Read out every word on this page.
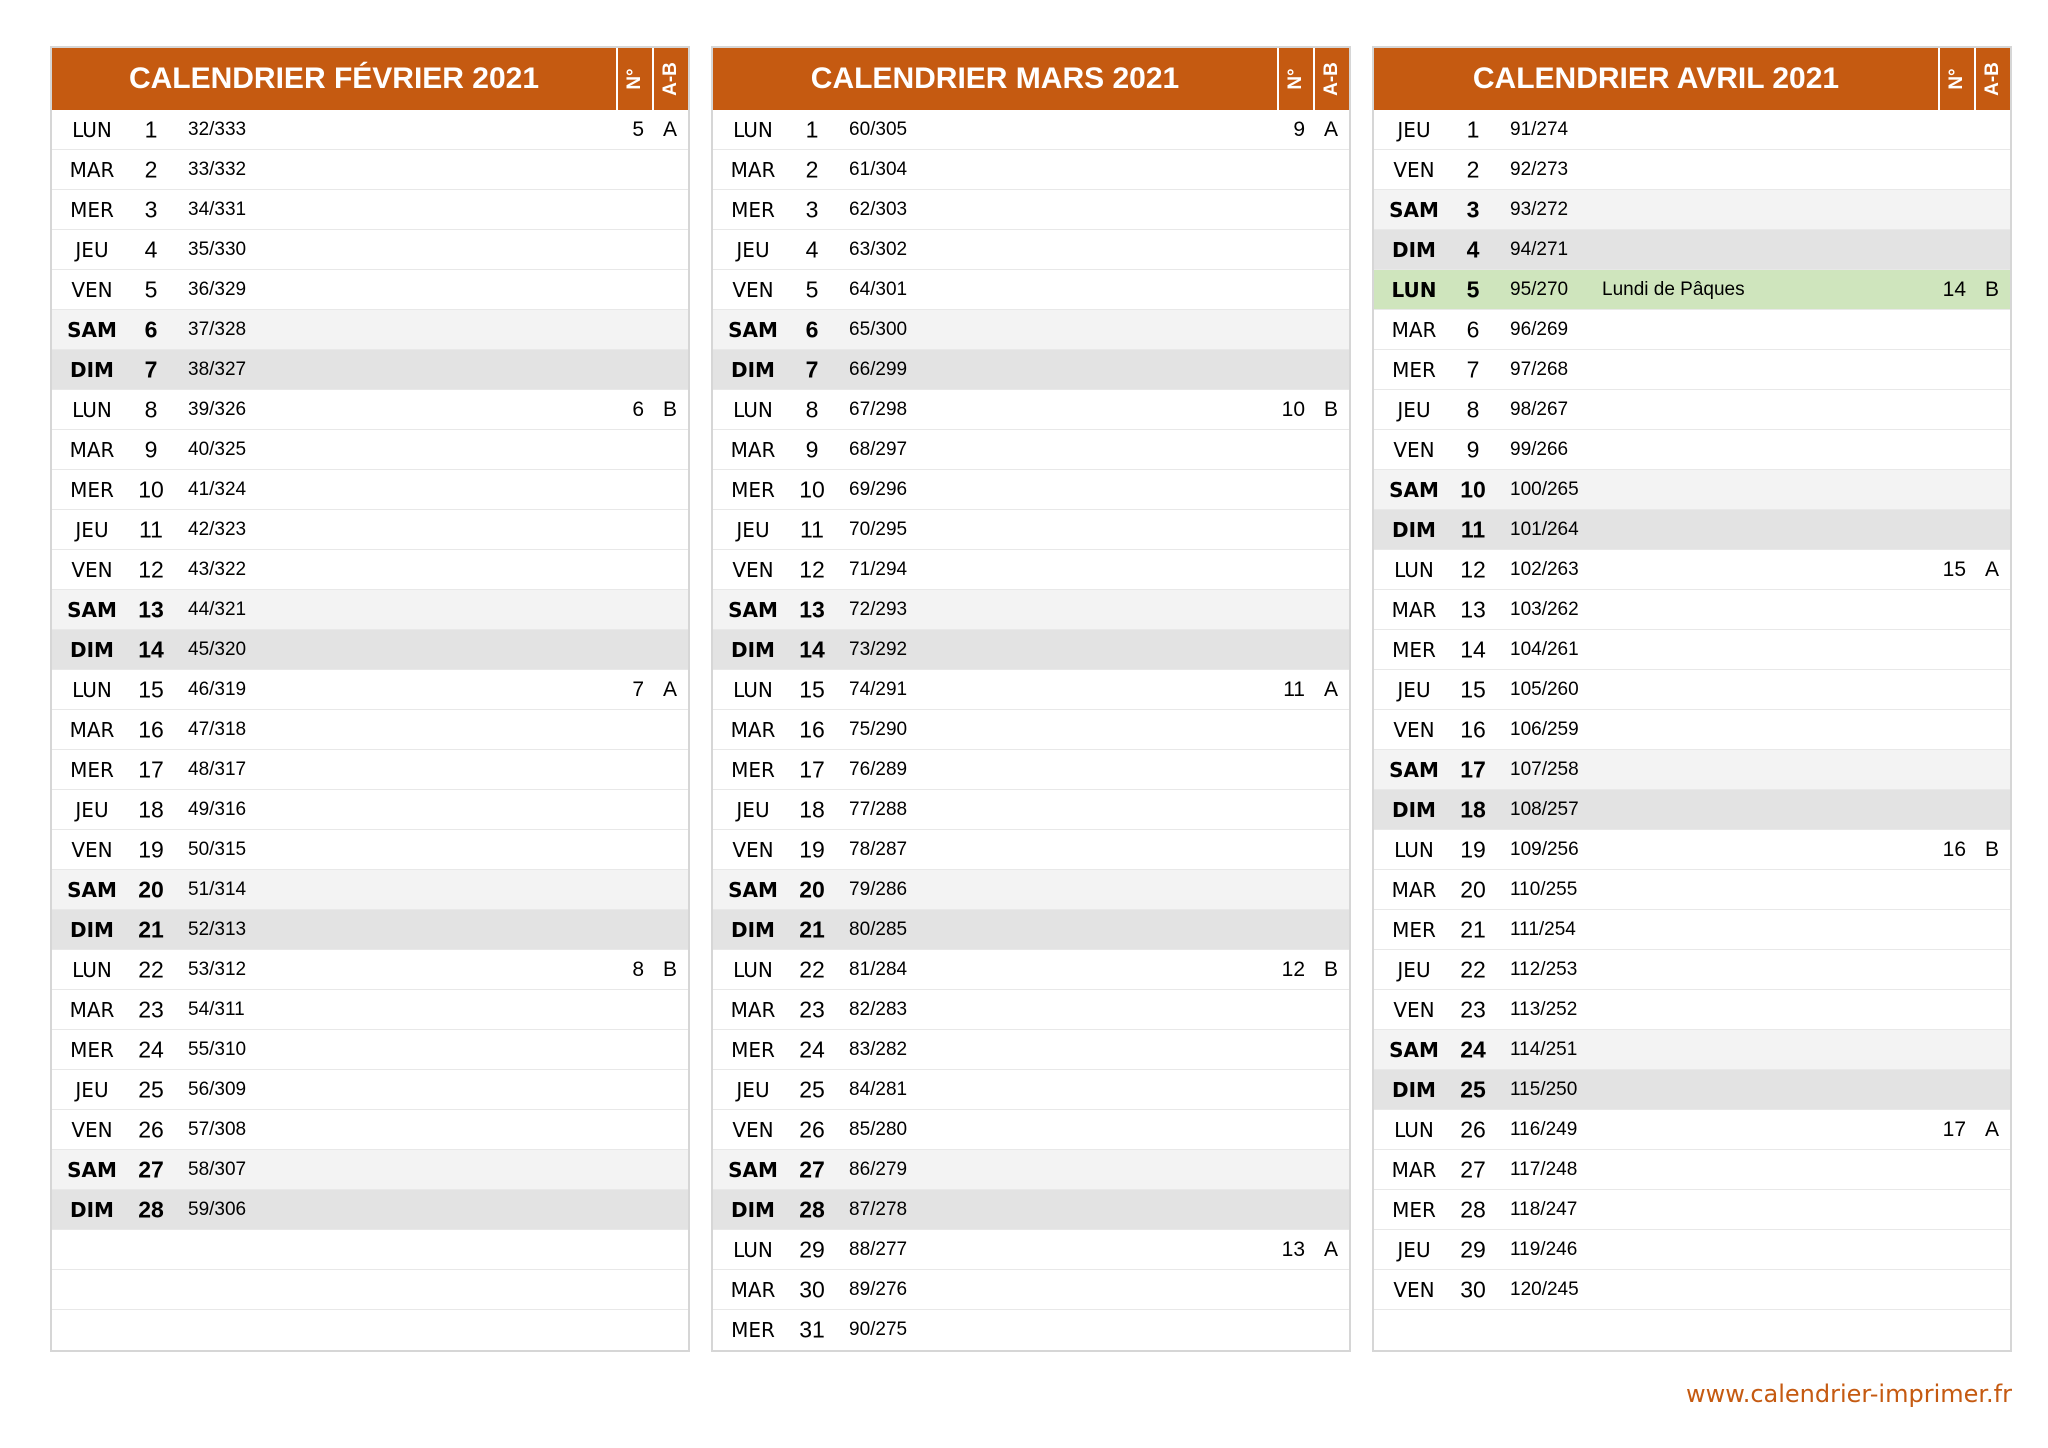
CALENDRIER FÉVRIER 2021	N° A-B
LUN	1	32/333	5 A
MAR	2	33/332
MER	3	34/331
JEU	4	35/330
VEN	5	36/329
SAM	6	37/328
DIM	7	38/327
LUN	8	39/326	6 B
MAR	9	40/325
MER	10	41/324
JEU	11	42/323
VEN	12	43/322
SAM 13	44/321
DIM	14	45/320
LUN	15	46/319	7 A
MAR	16	47/318
MER	17	48/317
JEU	18	49/316
VEN	19	50/315
SAM 20	51/314
DIM	21	52/313
LUN	22	53/312	8 B
MAR	23	54/311
MER	24	55/310
JEU	25	56/309
VEN	26	57/308
SAM 27	58/307
DIM	28	59/306
CALENDRIER MARS 2021	N° A-B
LUN	1	60/305	9 A
MAR	2	61/304
MER	3	62/303
JEU	4	63/302
VEN	5	64/301
SAM	6	65/300
DIM	7	66/299
LUN	8	67/298	10 B
MAR	9	68/297
MER	10	69/296
JEU	11	70/295
VEN	12	71/294
SAM 13	72/293
DIM	14	73/292
LUN	15	74/291	11 A
MAR	16	75/290
MER	17	76/289
JEU	18	77/288
VEN	19	78/287
SAM 20	79/286
DIM	21	80/285
LUN	22	81/284	12 B
MAR	23	82/283
MER	24	83/282
JEU	25	84/281
VEN	26	85/280
SAM 27	86/279
DIM	28	87/278
LUN	29	88/277	13 A
MAR	30	89/276
MER	31	90/275
CALENDRIER AVRIL 2021	N° A-B
JEU	1	91/274
VEN	2	92/273
SAM	3	93/272
DIM	4	94/271
LUN	5	95/270 Lundi de Pâques	14 B
MAR	6	96/269
MER	7	97/268
JEU	8	98/267
VEN	9	99/266
SAM 10	100/265
DIM	11	101/264
LUN	12	102/263	15 A
MAR	13	103/262
MER	14	104/261
JEU	15	105/260
VEN	16	106/259
SAM 17	107/258
DIM	18	108/257
LUN	19	109/256	16 B
MAR	20	110/255
MER	21	111/254
JEU	22	112/253
VEN	23	113/252
SAM 24	114/251
DIM	25	115/250
LUN	26	116/249	17 A
MAR	27	117/248
MER	28	118/247
JEU	29	119/246
VEN	30	120/245
www.calendrier-imprimer.fr
